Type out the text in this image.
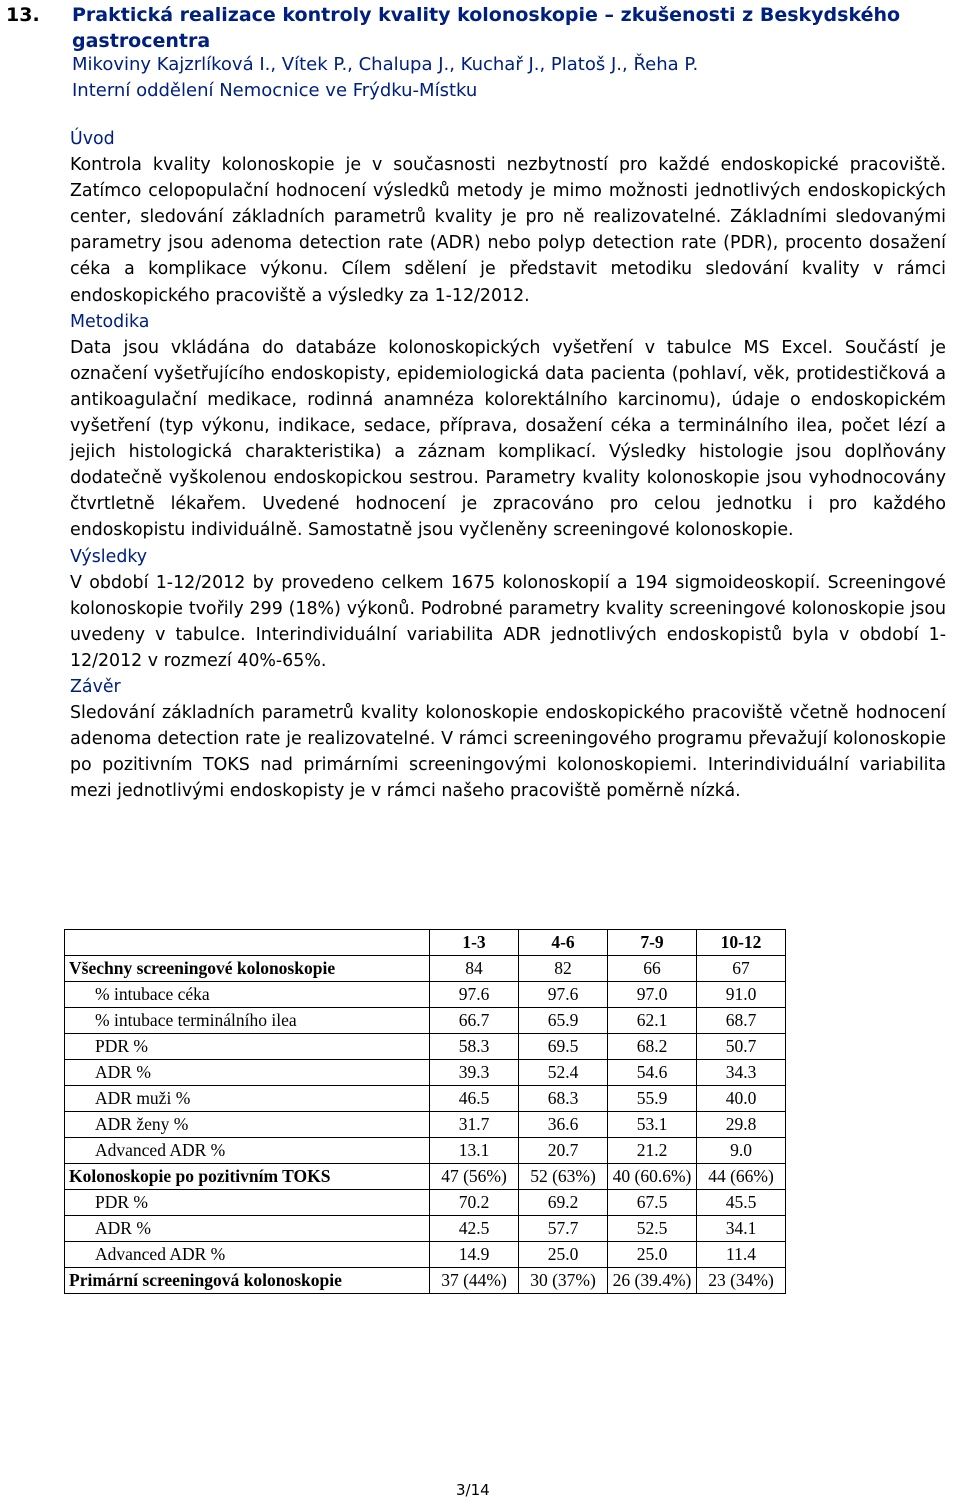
13. Praktická realizace kontroly kvality kolonoskopie – zkušenosti z Beskydského gastrocentra
Mikoviny Kajzrlíková I., Vítek P., Chalupa J., Kuchař J., Platoš J., Řeha P.
Interní oddělení Nemocnice ve Frýdku-Místku

Úvod

Kontrola kvality kolonoskopie je v současnosti nezbytností pro každé endoskopické pracoviště. Zatímco celopopulační hodnocení výsledků metody je mimo možnosti jednotlivých endoskopických center, sledování základních parametrů kvality je pro ně realizovatelné. Základními sledovanými parametry jsou adenoma detection rate (ADR) nebo polyp detection rate (PDR), procento dosažení céka a komplikace výkonu. Cílem sdělení je představit metodiku sledování kvality v rámci endoskopického pracoviště a výsledky za 1-12/2012.

Metodika

Data jsou vkládána do databáze kolonoskopických vyšetření v tabulce MS Excel. Součástí je označení vyšetřujícího endoskopisty, epidemiologická data pacienta (pohlaví, věk, protidestičková a antikoagulační medikace, rodinná anamnéza kolorektálního karcinomu), údaje o endoskopickém vyšetření (typ výkonu, indikace, sedace, příprava, dosažení céka a terminálního ilea, počet lézí a jejich histologická charakteristika) a záznam komplikací. Výsledky histologie jsou doplňovány dodatečně vyškolenou endoskopickou sestrou. Parametry kvality kolonoskopie jsou vyhodnocovány čtvrtletně lékařem. Uvedené hodnocení je zpracováno pro celou jednotku i pro každého endoskopistu individuálně. Samostatně jsou vyčleněny screeningové kolonoskopie.

Výsledky

V období 1-12/2012 by provedeno celkem 1675 kolonoskopií a 194 sigmoideoskopií. Screeningové kolonoskopie tvořily 299 (18%) výkonů. Podrobné parametry kvality screeningové kolonoskopie jsou uvedeny v tabulce. Interindividuální variabilita ADR jednotlivých endoskopistů byla v období 1-12/2012 v rozmezí 40%-65%.

Závěr

Sledování základních parametrů kvality kolonoskopie endoskopického pracoviště včetně hodnocení adenoma detection rate je realizovatelné. V rámci screeningového programu převažují kolonoskopie po pozitivním TOKS nad primárními screeningovými kolonoskopiemi. Interindividuální variabilita mezi jednotlivými endoskopisty je v rámci našeho pracoviště poměrně nízká.

	1-3	4-6	7-9	10-12
Všechny screeningové kolonoskopie	84	82	66	67
% intubace céka	97.6	97.6	97.0	91.0
% intubace terminálního ilea	66.7	65.9	62.1	68.7
PDR %	58.3	69.5	68.2	50.7
ADR %	39.3	52.4	54.6	34.3
ADR muži %	46.5	68.3	55.9	40.0
ADR ženy %	31.7	36.6	53.1	29.8
Advanced ADR %	13.1	20.7	21.2	9.0
Kolonoskopie po pozitivním TOKS	47 (56%)	52 (63%)	40 (60.6%)	44 (66%)
PDR %	70.2	69.2	67.5	45.5
ADR %	42.5	57.7	52.5	34.1
Advanced ADR %	14.9	25.0	25.0	11.4
Primární screeningová kolonoskopie	37 (44%)	30 (37%)	26 (39.4%)	23 (34%)
3/14
